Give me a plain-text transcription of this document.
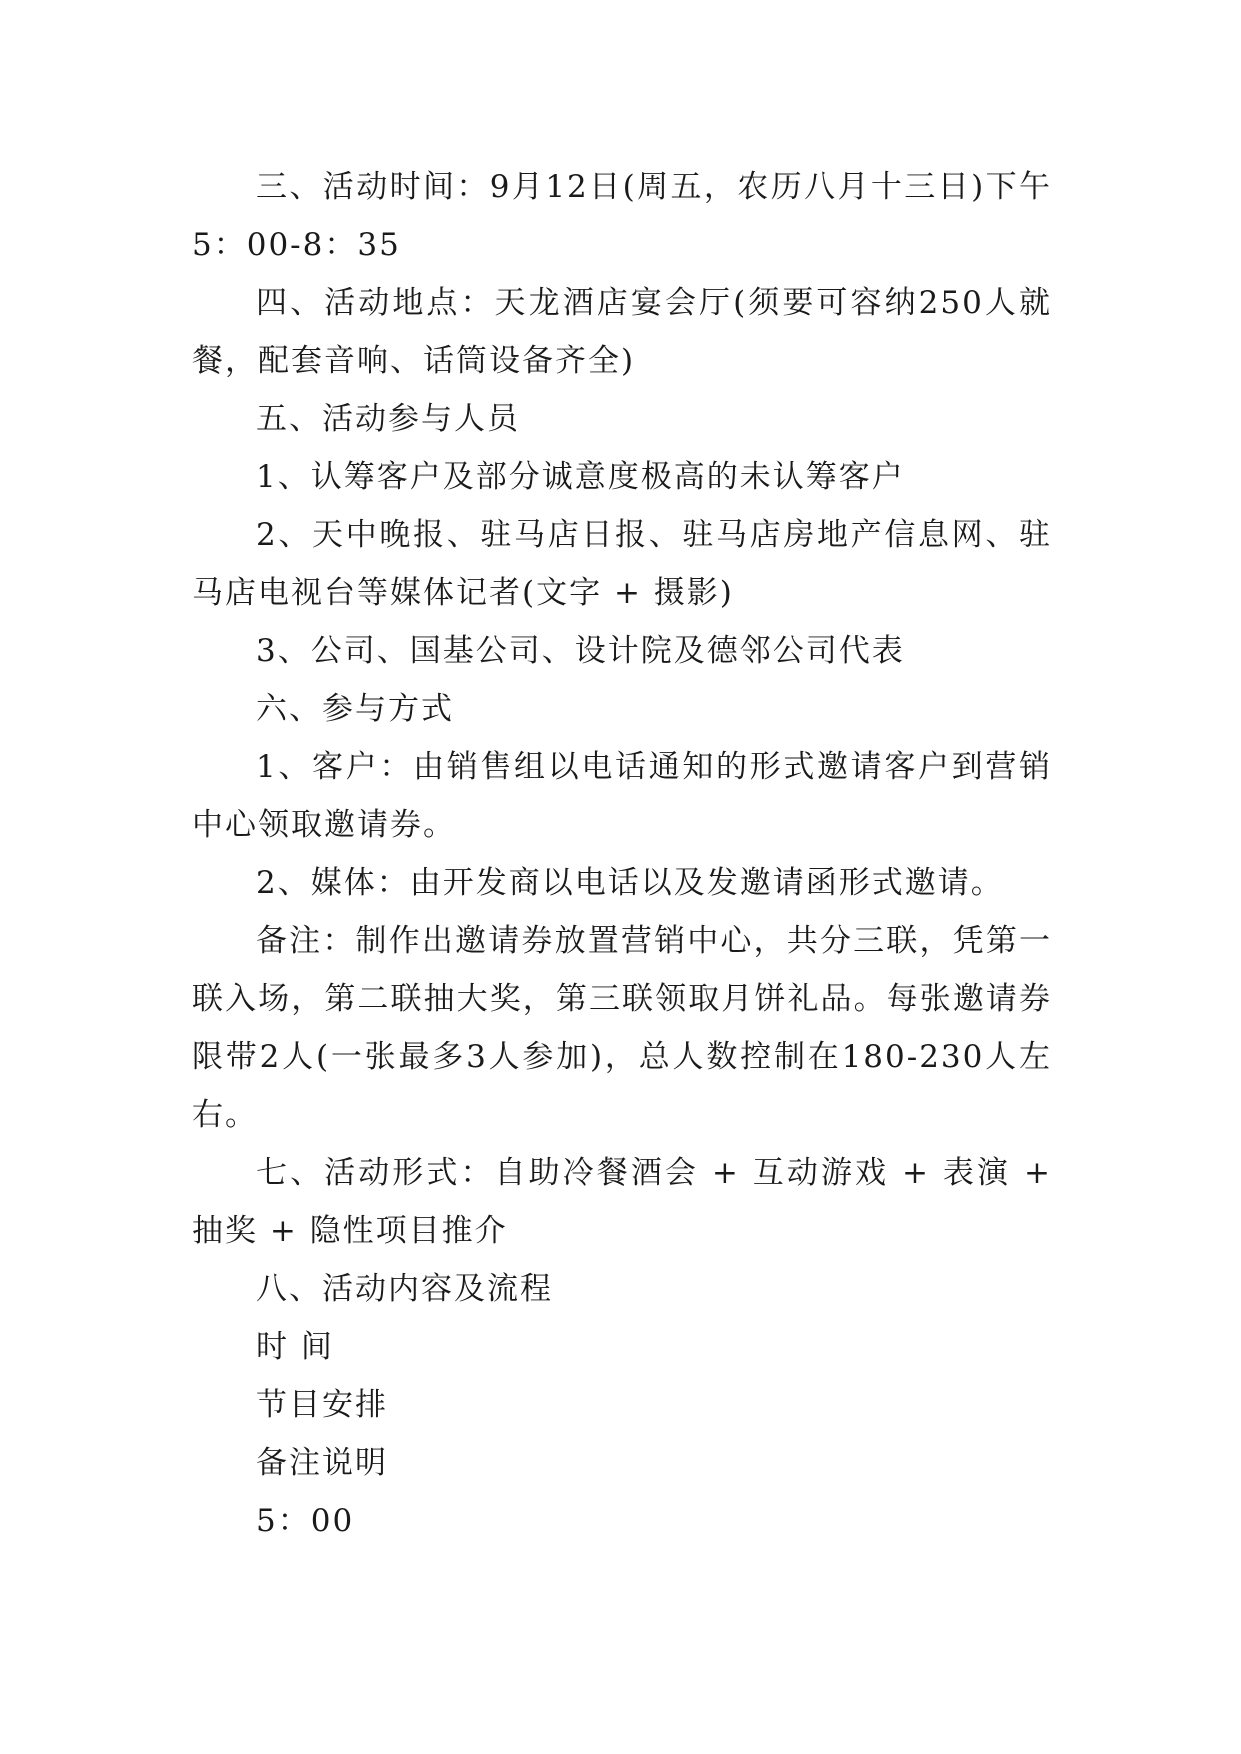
三、活动时间：9月12日(周五，农历八月十三日)下午5：00-8：35

四、活动地点：天龙酒店宴会厅(须要可容纳250人就餐，配套音响、话筒设备齐全)

五、活动参与人员

1、认筹客户及部分诚意度极高的未认筹客户

2、天中晚报、驻马店日报、驻马店房地产信息网、驻马店电视台等媒体记者(文字 + 摄影)

3、公司、国基公司、设计院及德邻公司代表

六、参与方式

1、客户：由销售组以电话通知的形式邀请客户到营销中心领取邀请券。

2、媒体：由开发商以电话以及发邀请函形式邀请。

备注：制作出邀请券放置营销中心，共分三联，凭第一联入场，第二联抽大奖，第三联领取月饼礼品。每张邀请券限带2人(一张最多3人参加)，总人数控制在180-230人左右。

七、活动形式：自助冷餐酒会 + 互动游戏 + 表演 + 抽奖 + 隐性项目推介

八、活动内容及流程

时 间

节目安排

备注说明

5：00
